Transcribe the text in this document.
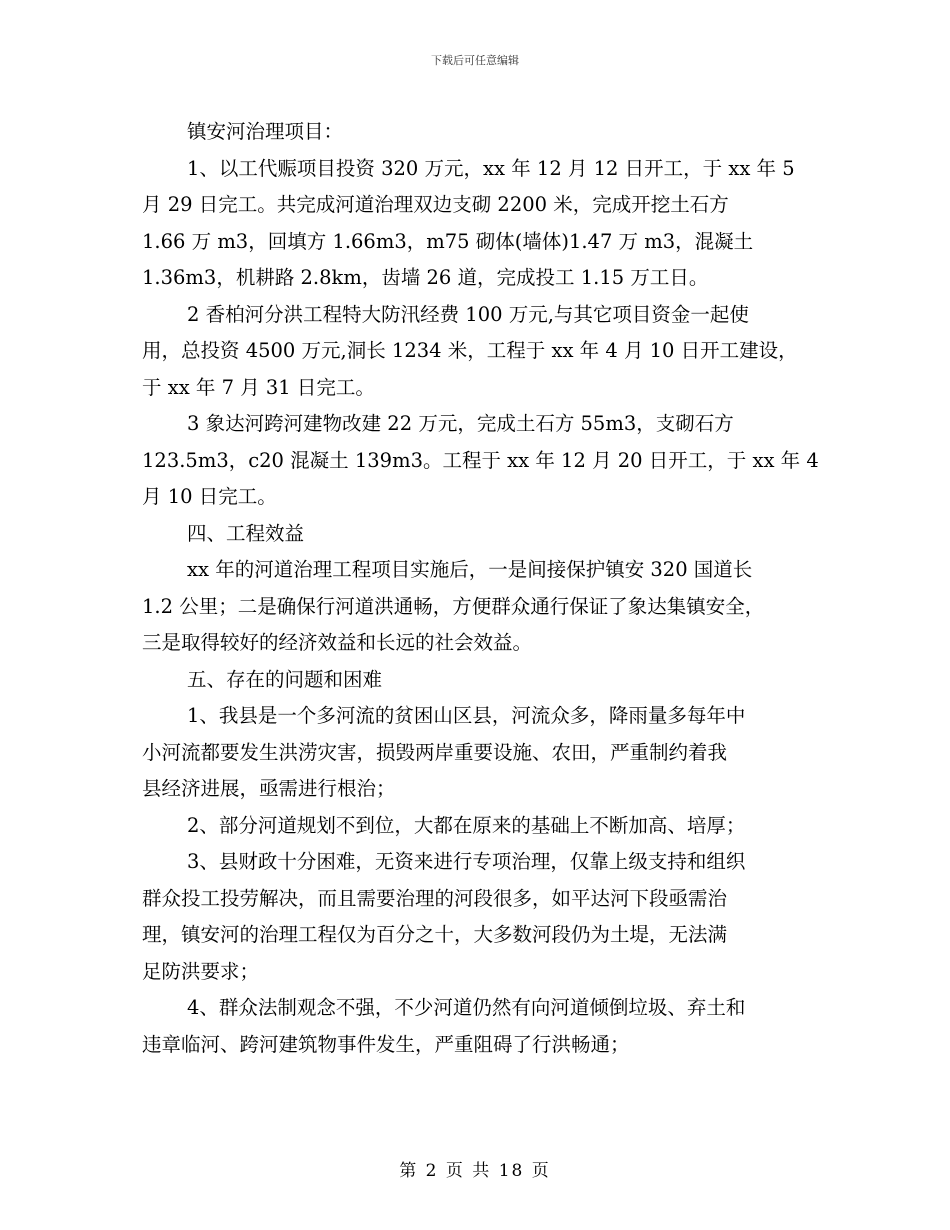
下载后可任意编辑
镇安河治理项目：
1、以工代赈项目投资 320 万元，xx 年 12 月 12 日开工，于 xx 年 5
月 29 日完工。共完成河道治理双边支砌 2200 米，完成开挖土石方
1.66 万 m3，回填方 1.66m3，m75 砌体(墙体)1.47 万 m3，混凝土
1.36m3，机耕路 2.8km，齿墙 26 道，完成投工 1.15 万工日。
2 香柏河分洪工程特大防汛经费 100 万元,与其它项目资金一起使
用，总投资 4500 万元,洞长 1234 米，工程于 xx 年 4 月 10 日开工建设，
于 xx 年 7 月 31 日完工。
3 象达河跨河建物改建 22 万元，完成土石方 55m3，支砌石方
123.5m3，c20 混凝土 139m3。工程于 xx 年 12 月 20 日开工，于 xx 年 4
月 10 日完工。
四、工程效益
xx 年的河道治理工程项目实施后，一是间接保护镇安 320 国道长
1.2 公里；二是确保行河道洪通畅，方便群众通行保证了象达集镇安全，
三是取得较好的经济效益和长远的社会效益。
五、存在的问题和困难
1、我县是一个多河流的贫困山区县，河流众多，降雨量多每年中
小河流都要发生洪涝灾害，损毁两岸重要设施、农田，严重制约着我
县经济进展，亟需进行根治；
2、部分河道规划不到位，大都在原来的基础上不断加高、培厚；
3、县财政十分困难，无资来进行专项治理，仅靠上级支持和组织
群众投工投劳解决，而且需要治理的河段很多，如平达河下段亟需治
理，镇安河的治理工程仅为百分之十，大多数河段仍为土堤，无法满
足防洪要求；
4、群众法制观念不强，不少河道仍然有向河道倾倒垃圾、弃土和
违章临河、跨河建筑物事件发生，严重阻碍了行洪畅通；
第 2 页 共 18 页
